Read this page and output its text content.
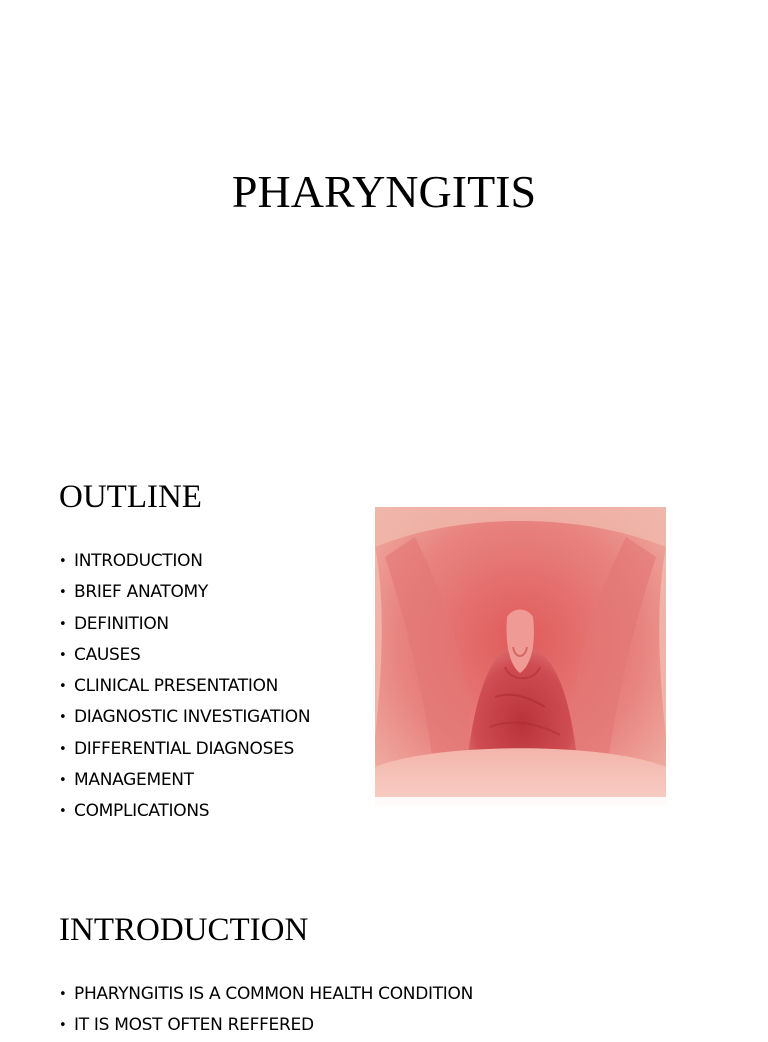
PHARYNGITIS
OUTLINE
• INTRODUCTION
• BRIEF ANATOMY
• DEFINITION
• CAUSES
• CLINICAL PRESENTATION
• DIAGNOSTIC INVESTIGATION
• DIFFERENTIAL DIAGNOSES
• MANAGEMENT
• COMPLICATIONS
INTRODUCTION
• PHARYNGITIS IS A COMMON HEALTH CONDITION
• IT IS MOST OFTEN REFFERED
